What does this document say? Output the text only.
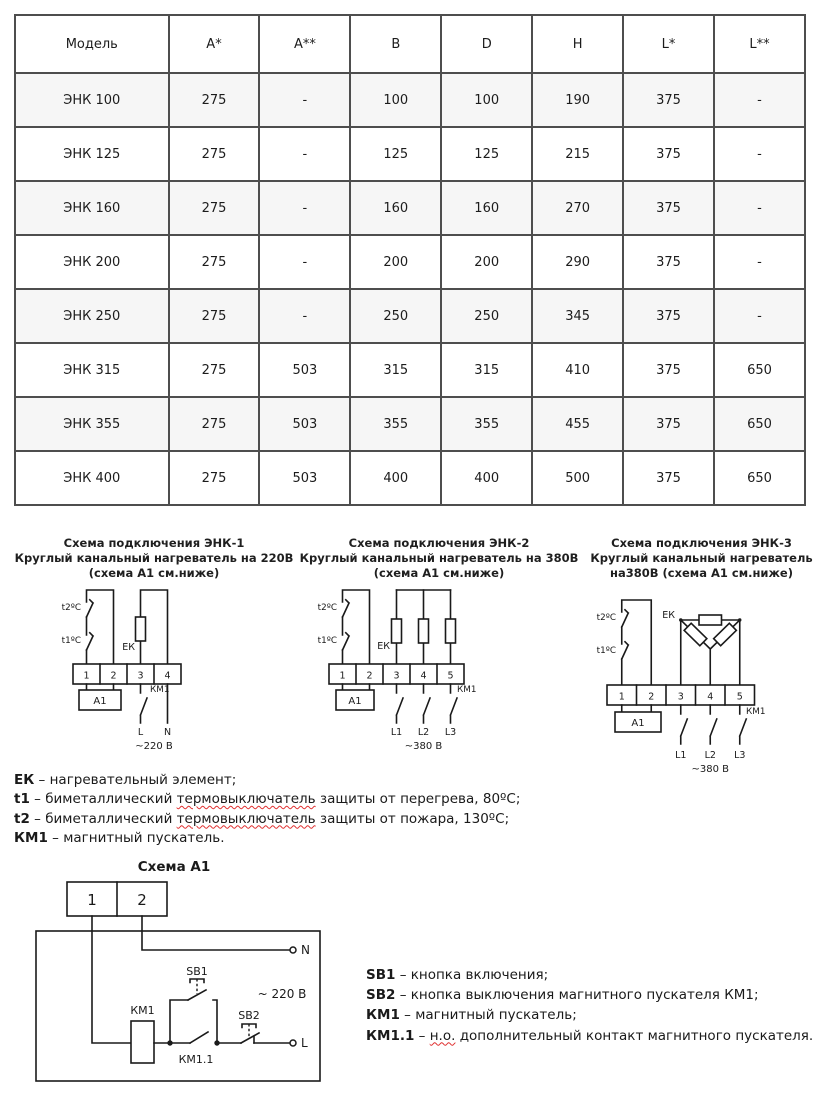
Модель	A*	A**	B	D	H	L*	L**
ЭНК 100	275	-	100	100	190	375	-
ЭНК 125	275	-	125	125	215	375	-
ЭНК 160	275	-	160	160	270	375	-
ЭНК 200	275	-	200	200	290	375	-
ЭНК 250	275	-	250	250	345	375	-
ЭНК 315	275	503	315	315	410	375	650
ЭНК 355	275	503	355	355	455	375	650
ЭНК 400	275	503	400	400	500	375	650
Схема подключения ЭНК-1
Круглый канальный нагреватель на 220В
(схема А1 см.ниже)
t2ºС
t1ºС
ЕК
1 2 3 4
А1
КМ1
L N
~220 В
Схема подключения ЭНК-2
Круглый канальный нагреватель на 380В
(схема А1 см.ниже)
t2ºС
t1ºС	ЕК
1 2 3 4 5
А1
КМ1
L1 L2 L3
~380 В
Схема подключения ЭНК-3
Круглый канальный нагреватель
на380В (схема А1 см.ниже)
t2ºС
t1ºС
ЕК
1 2 3 4 5
А1
КМ1
L1 L2 L3
~380 В
ЕК – нагревательный элемент;
t1 – биметаллический термовыключатель защиты от перегрева, 80ºС;
t2 – биметаллический термовыключатель защиты от пожара, 130ºС;
КМ1 – магнитный пускатель.
Схема А1
1	2
КМ1
КМ1.1
SB1
SB2
N
L
~ 220 В
SB1 – кнопка включения;
SB2 – кнопка выключения магнитного пускателя КМ1;
КМ1 – магнитный пускатель;
КМ1.1 – н.о. дополнительный контакт магнитного пускателя.
